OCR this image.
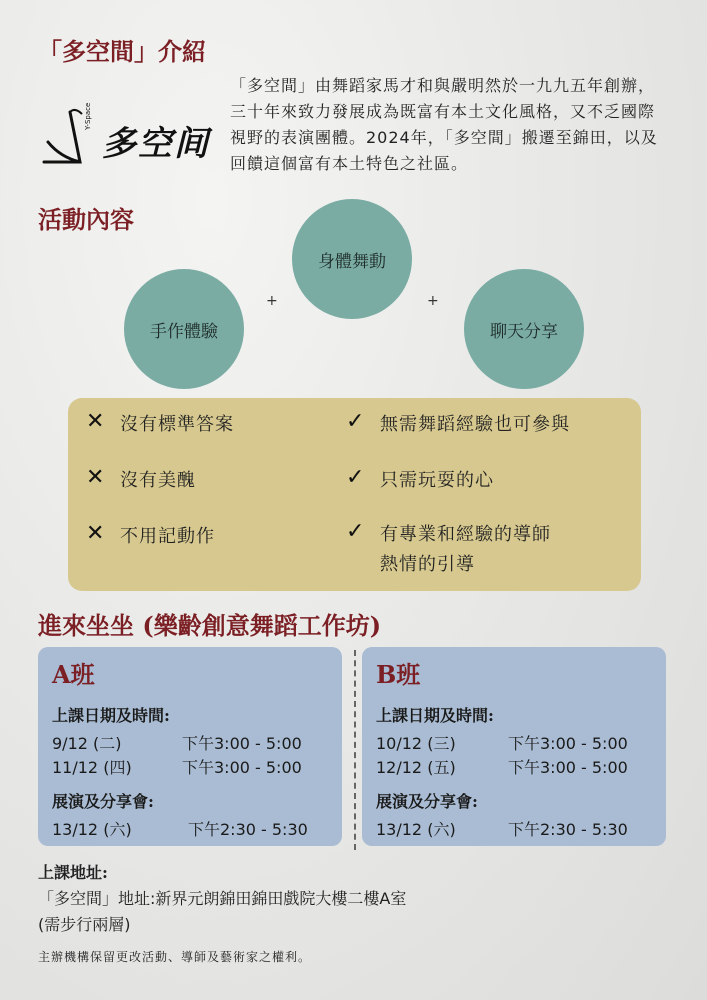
「多空間」介紹
Y-Space
多空间
「多空間」由舞蹈家馬才和與嚴明然於一九九五年創辦，三十年來致力發展成為既富有本土文化風格，又不乏國際視野的表演團體。2024年，「多空間」搬遷至錦田，以及回饋這個富有本土特色之社區。
活動內容
身體舞動
手作體驗	聊天分享
+	+
✕ 沒有標準答案
✕ 沒有美醜
✕ 不用記動作
✓ 無需舞蹈經驗也可參與
✓ 只需玩耍的心
✓ 有專業和經驗的導師
熱情的引導
進來坐坐 (樂齡創意舞蹈工作坊)
A班
上課日期及時間:
9/12 (二)	下午3:00 - 5:00
11/12 (四)	下午3:00 - 5:00
展演及分享會:
13/12 (六)	下午2:30 - 5:30
B班
上課日期及時間:
10/12 (三)	下午3:00 - 5:00
12/12 (五)	下午3:00 - 5:00
展演及分享會:
13/12 (六)	下午2:30 - 5:30
上課地址:
「多空間」地址:新界元朗錦田錦田戲院大樓二樓A室
(需步行兩層)
主辦機構保留更改活動、導師及藝術家之權利。
